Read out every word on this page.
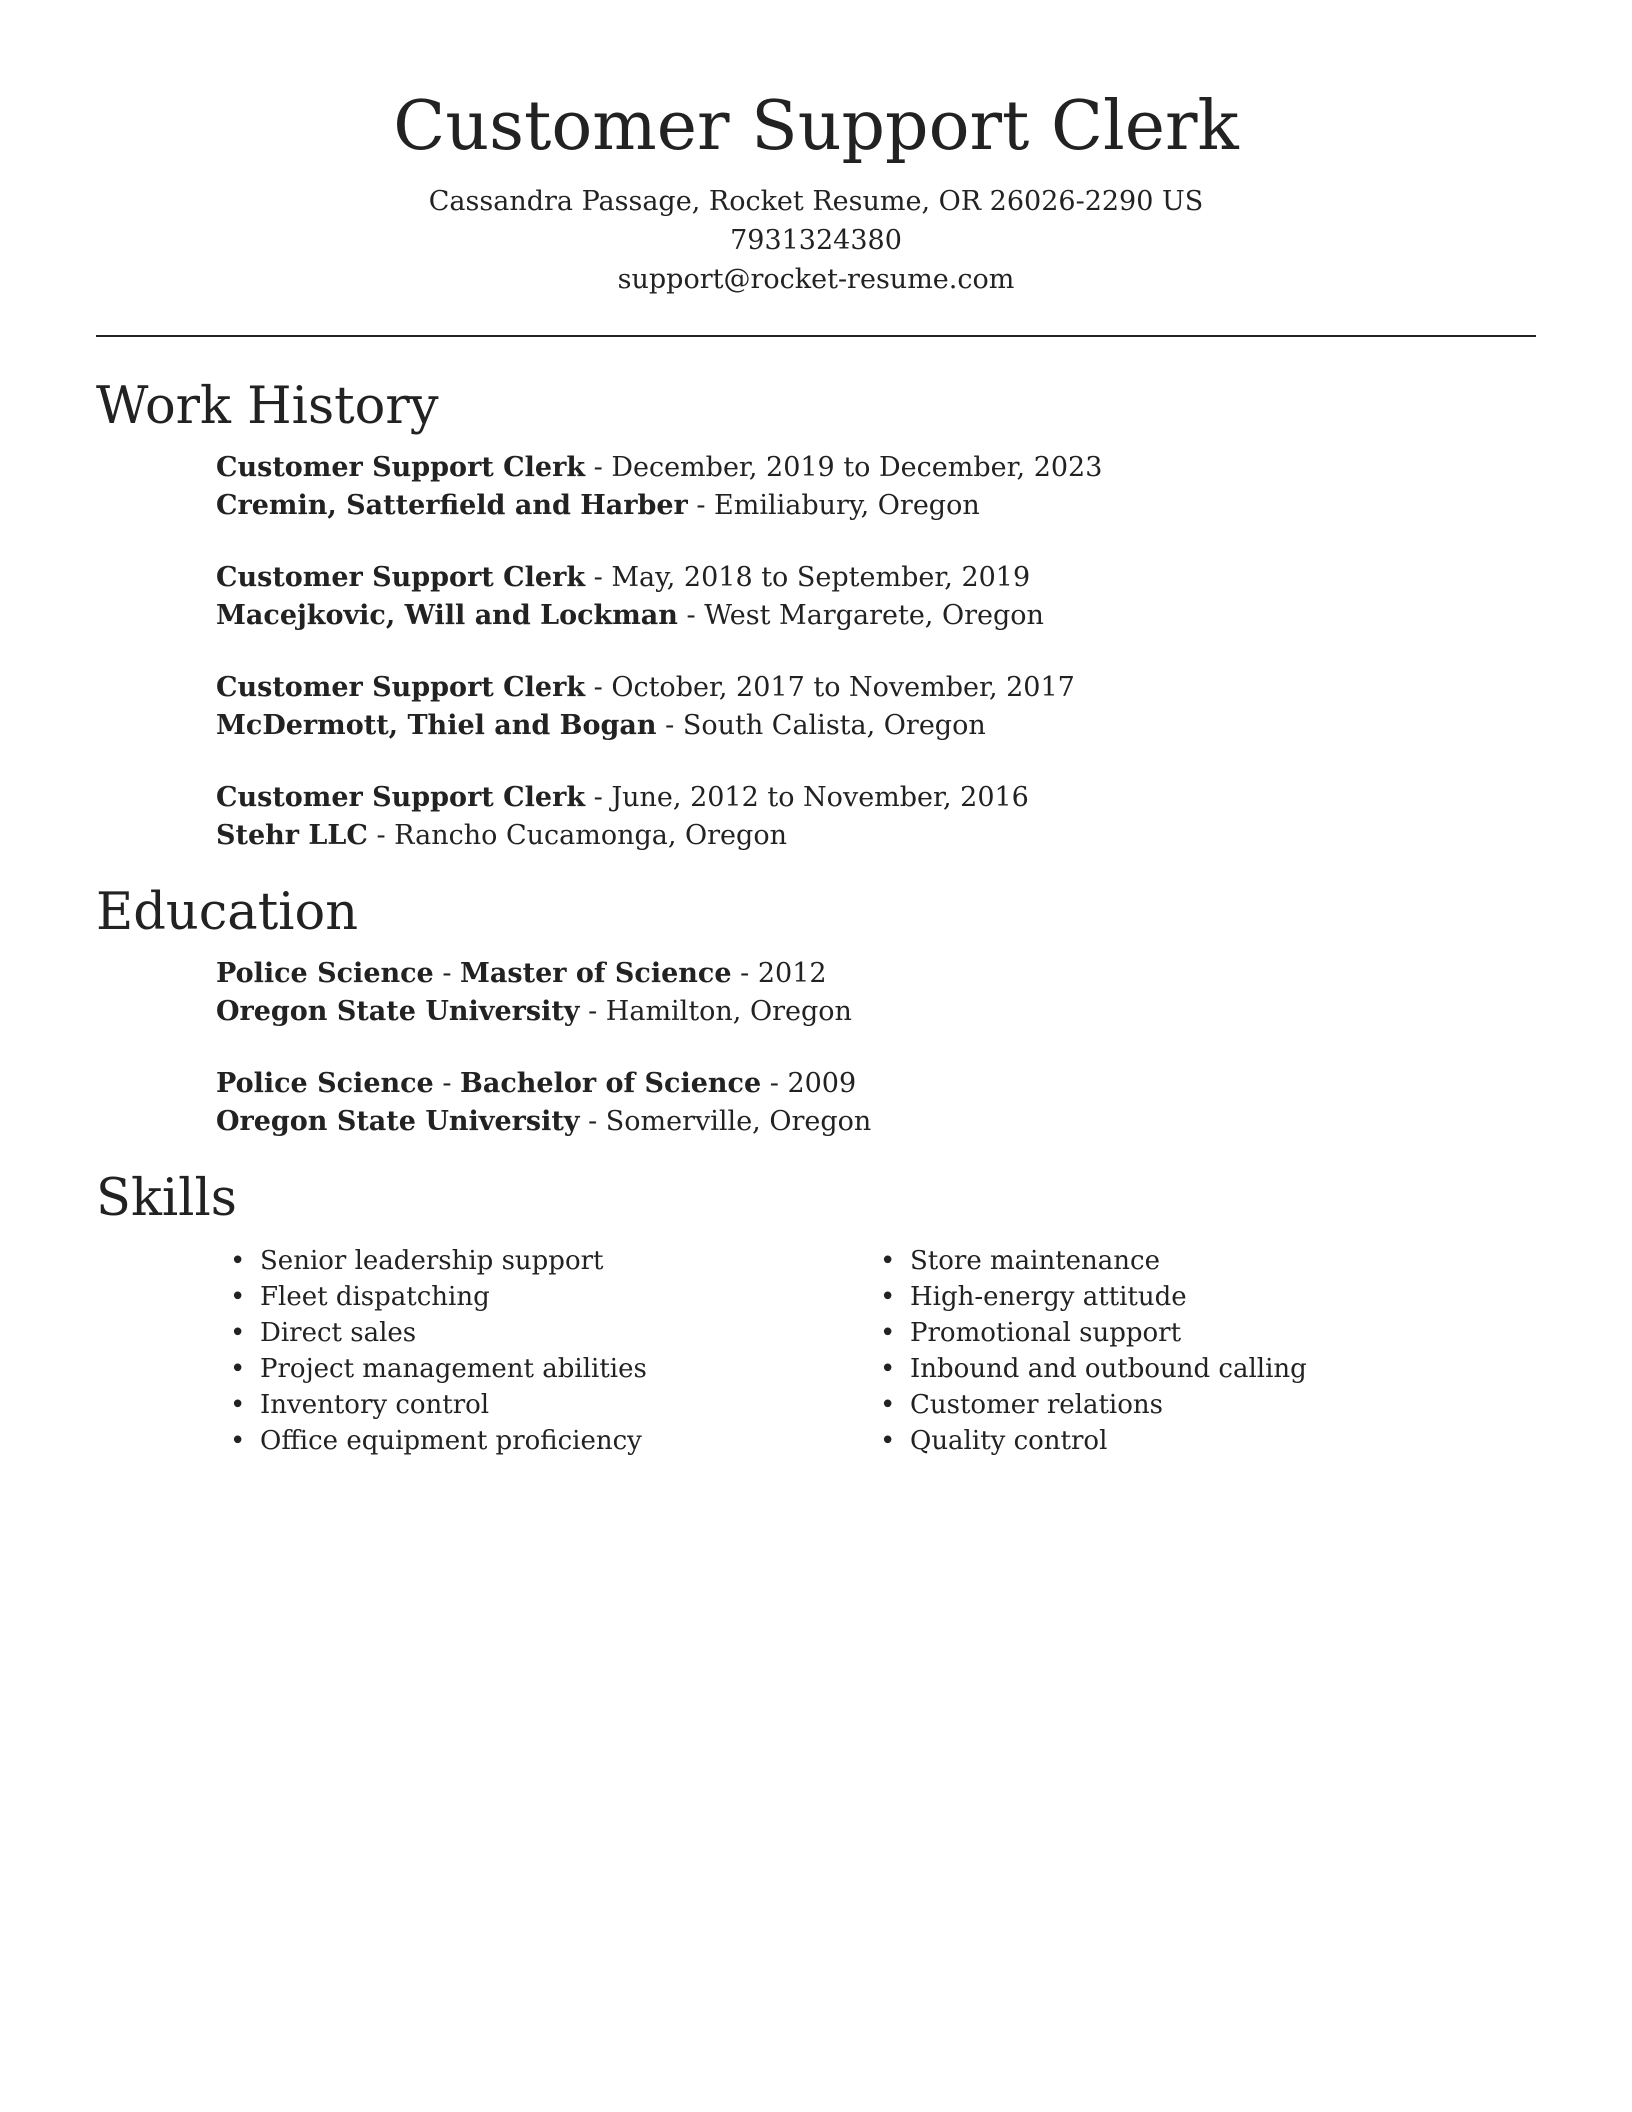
Customer Support Clerk
Cassandra Passage, Rocket Resume, OR 26026-2290 US
7931324380
support@rocket-resume.com
Work History
Customer Support Clerk - December, 2019 to December, 2023
Cremin, Satterfield and Harber - Emiliabury, Oregon
Customer Support Clerk - May, 2018 to September, 2019
Macejkovic, Will and Lockman - West Margarete, Oregon
Customer Support Clerk - October, 2017 to November, 2017
McDermott, Thiel and Bogan - South Calista, Oregon
Customer Support Clerk - June, 2012 to November, 2016
Stehr LLC - Rancho Cucamonga, Oregon
Education
Police Science - Master of Science - 2012
Oregon State University - Hamilton, Oregon
Police Science - Bachelor of Science - 2009
Oregon State University - Somerville, Oregon
Skills
• Senior leadership support
• Fleet dispatching
• Direct sales
• Project management abilities
• Inventory control
• Office equipment proficiency
• Store maintenance
• High-energy attitude
• Promotional support
• Inbound and outbound calling
• Customer relations
• Quality control
